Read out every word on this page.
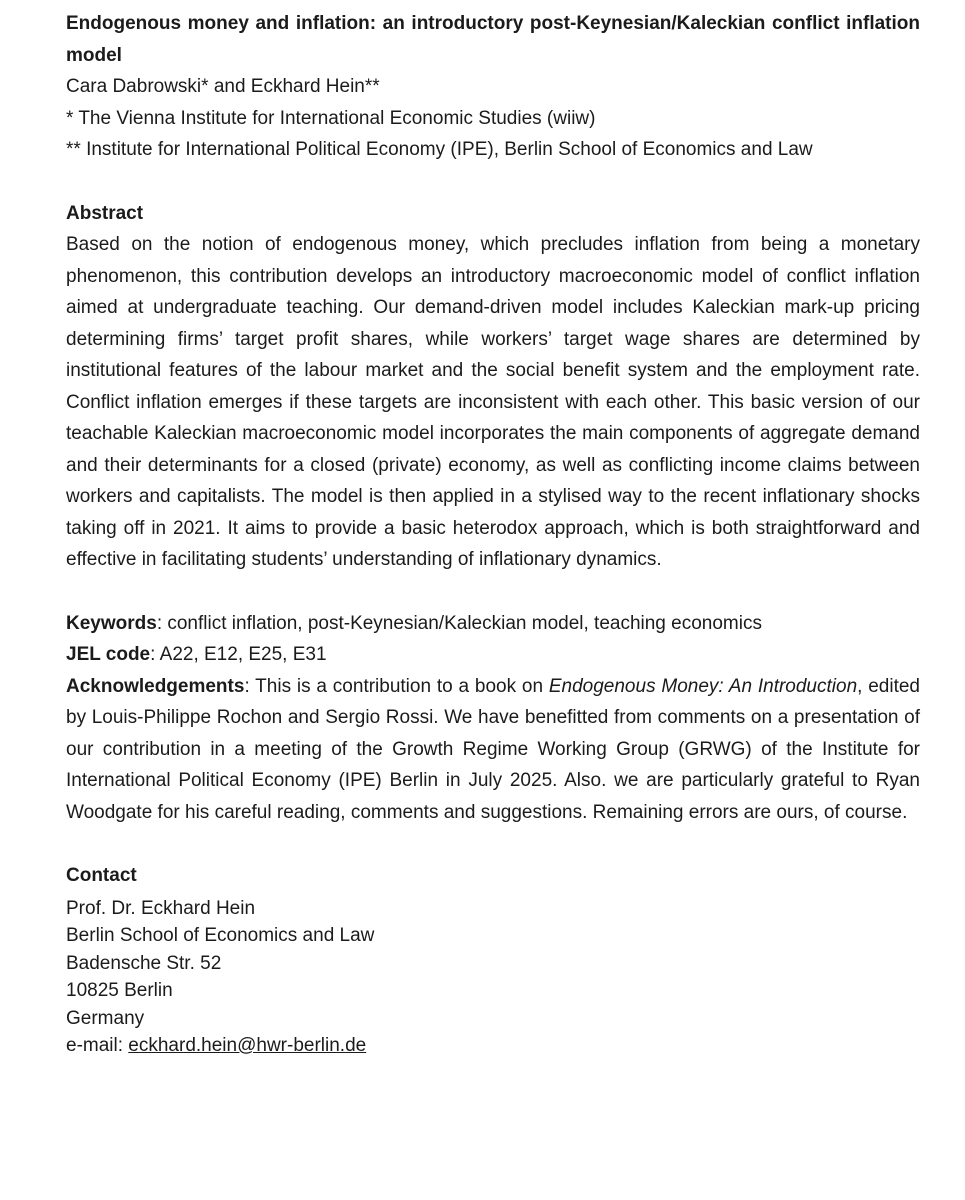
Endogenous money and inflation: an introductory post-Keynesian/Kaleckian conflict inflation model

Cara Dabrowski* and Eckhard Hein**

* The Vienna Institute for International Economic Studies (wiiw)

** Institute for International Political Economy (IPE), Berlin School of Economics and Law

Abstract

Based on the notion of endogenous money, which precludes inflation from being a monetary phenomenon, this contribution develops an introductory macroeconomic model of conflict inflation aimed at undergraduate teaching. Our demand-driven model includes Kaleckian mark-up pricing determining firms’ target profit shares, while workers’ target wage shares are determined by institutional features of the labour market and the social benefit system and the employment rate. Conflict inflation emerges if these targets are inconsistent with each other. This basic version of our teachable Kaleckian macroeconomic model incorporates the main components of aggregate demand and their determinants for a closed (private) economy, as well as conflicting income claims between workers and capitalists. The model is then applied in a stylised way to the recent inflationary shocks taking off in 2021. It aims to provide a basic heterodox approach, which is both straightforward and effective in facilitating students’ understanding of inflationary dynamics.

Keywords: conflict inflation, post-Keynesian/Kaleckian model, teaching economics

JEL code: A22, E12, E25, E31

Acknowledgements: This is a contribution to a book on Endogenous Money: An Introduction, edited by Louis-Philippe Rochon and Sergio Rossi. We have benefitted from comments on a presentation of our contribution in a meeting of the Growth Regime Working Group (GRWG) of the Institute for International Political Economy (IPE) Berlin in July 2025. Also. we are particularly grateful to Ryan Woodgate for his careful reading, comments and suggestions. Remaining errors are ours, of course.

Contact

Prof. Dr. Eckhard Hein

Berlin School of Economics and Law

Badensche Str. 52

10825 Berlin

Germany

e-mail: eckhard.hein@hwr-berlin.de
